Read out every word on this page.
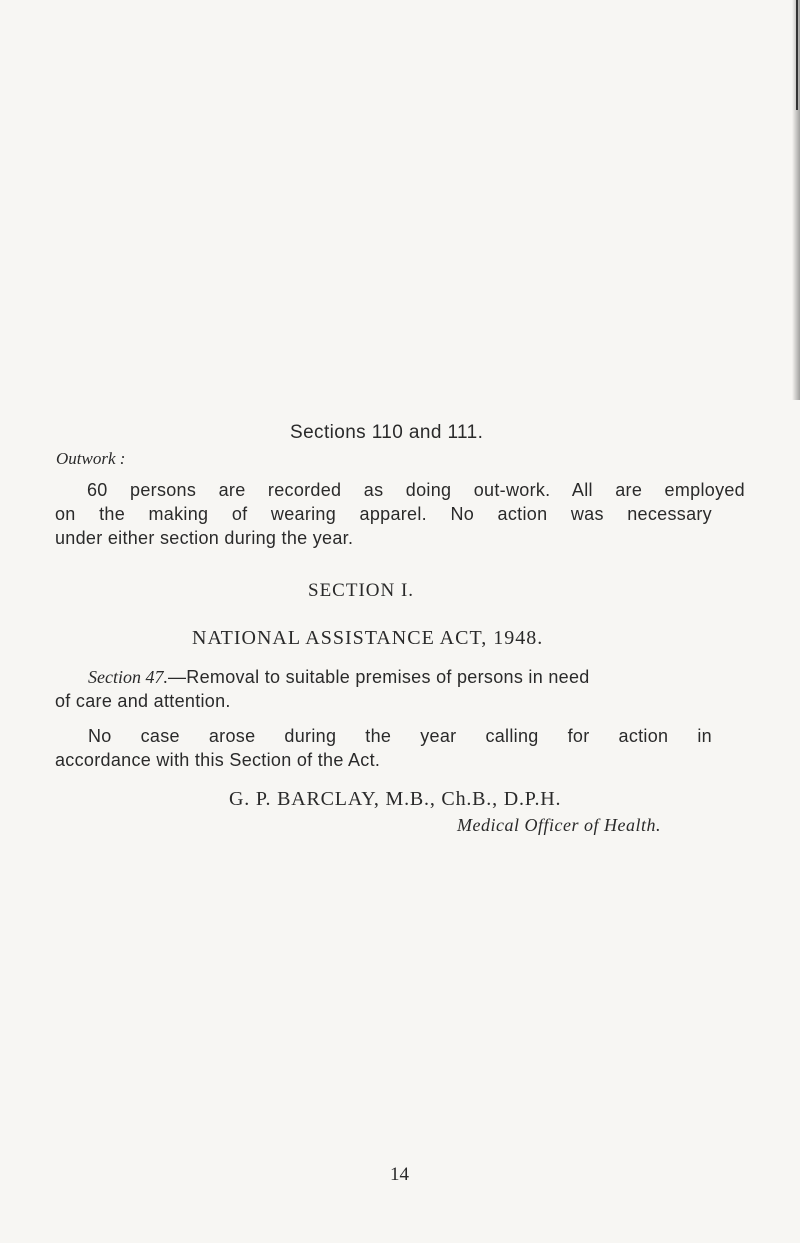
Sections 110 and 111.
Outwork :
60 persons are recorded as doing out-work. All are employed
on the making of wearing apparel. No action was necessary
under either section during the year.
SECTION I.
NATIONAL ASSISTANCE ACT, 1948.
Section 47.—Removal to suitable premises of persons in need
of care and attention.
No case arose during the year calling for action in
accordance with this Section of the Act.
G. P. BARCLAY, M.B., Ch.B., D.P.H.
Medical Officer of Health.
14
